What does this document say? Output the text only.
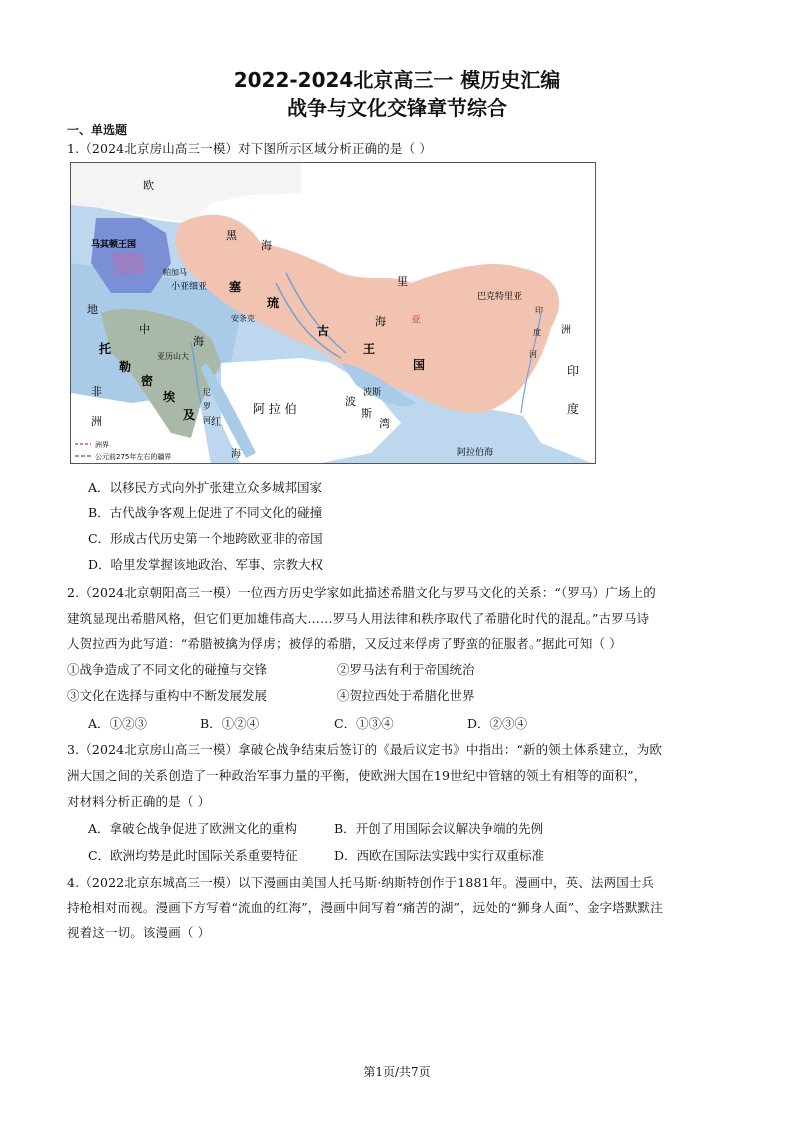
2022-2024北京高三一 模历史汇编
战争与文化交锋章节综合
一、单选题
1.（2024北京房山高三一模）对下图所示区域分析正确的是（ ）
欧
马其顿王国
黑
海
帕加马
小亚细亚 塞
琉
古
王
国
安条克
巴克特里亚
里
海
地
中
海
托
勒
密
埃
及
亚历山大
非
洲
尼
罗
河 红
海
阿 拉 伯
波斯
波
斯
湾
印
度
印
度
河
亚
洲
阿拉伯海
洲界
公元前275年左右的疆界
A．以移民方式向外扩张建立众多城邦国家
B．古代战争客观上促进了不同文化的碰撞
C．形成古代历史第一个地跨欧亚非的帝国
D．哈里发掌握该地政治、军事、宗教大权
2.（2024北京朝阳高三一模）一位西方历史学家如此描述希腊文化与罗马文化的关系：“（罗马）广场上的
建筑显现出希腊风格，但它们更加雄伟高大……罗马人用法律和秩序取代了希腊化时代的混乱。”古罗马诗
人贺拉西为此写道：“希腊被擒为俘虏；被俘的希腊，又反过来俘虏了野蛮的征服者。”据此可知（ ）
①战争造成了不同文化的碰撞与交锋	②罗马法有利于帝国统治
③文化在选择与重构中不断发展发展	④贺拉西处于希腊化世界
A．①②③	B．①②④	C．①③④	D．②③④
3.（2024北京房山高三一模）拿破仑战争结束后签订的《最后议定书》中指出：“新的领土体系建立，为欧
洲大国之间的关系创造了一种政治军事力量的平衡，使欧洲大国在19世纪中管辖的领土有相等的面积”，
对材料分析正确的是（ ）
A．拿破仑战争促进了欧洲文化的重构	B．开创了用国际会议解决争端的先例
C．欧洲均势是此时国际关系重要特征	D．西欧在国际法实践中实行双重标准
4.（2022北京东城高三一模）以下漫画由美国人托马斯·纳斯特创作于1881年。漫画中，英、法两国士兵
持枪相对而视。漫画下方写着“流血的红海”，漫画中间写着“痛苦的湖”，远处的“狮身人面”、金字塔默默注
视着这一切。该漫画（ ）
第1页/共7页
